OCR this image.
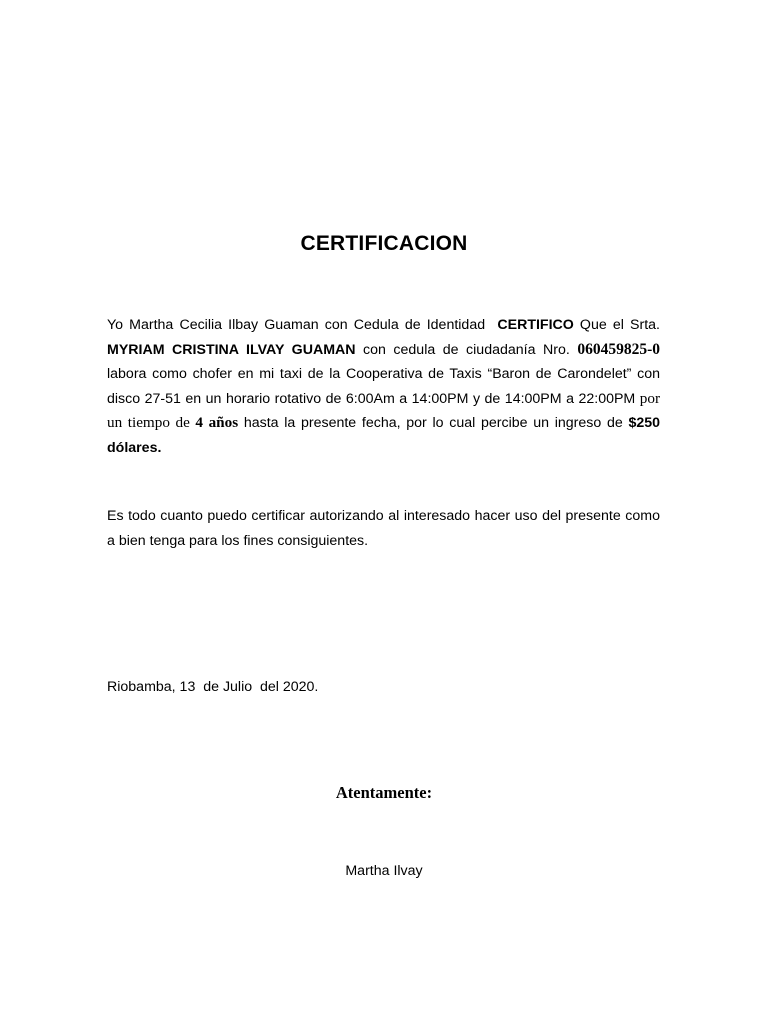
CERTIFICACION
Yo Martha Cecilia Ilbay Guaman con Cedula de Identidad CERTIFICO Que el Srta. MYRIAM CRISTINA ILVAY GUAMAN con cedula de ciudadanía Nro. 060459825-0 labora como chofer en mi taxi de la Cooperativa de Taxis “Baron de Carondelet” con disco 27-51 en un horario rotativo de 6:00Am a 14:00PM y de 14:00PM a 22:00PM por un tiempo de 4 años hasta la presente fecha, por lo cual percibe un ingreso de $250 dólares.
Es todo cuanto puedo certificar autorizando al interesado hacer uso del presente como a bien tenga para los fines consiguientes.
Riobamba, 13  de Julio  del 2020.
Atentamente:
Martha Ilvay
